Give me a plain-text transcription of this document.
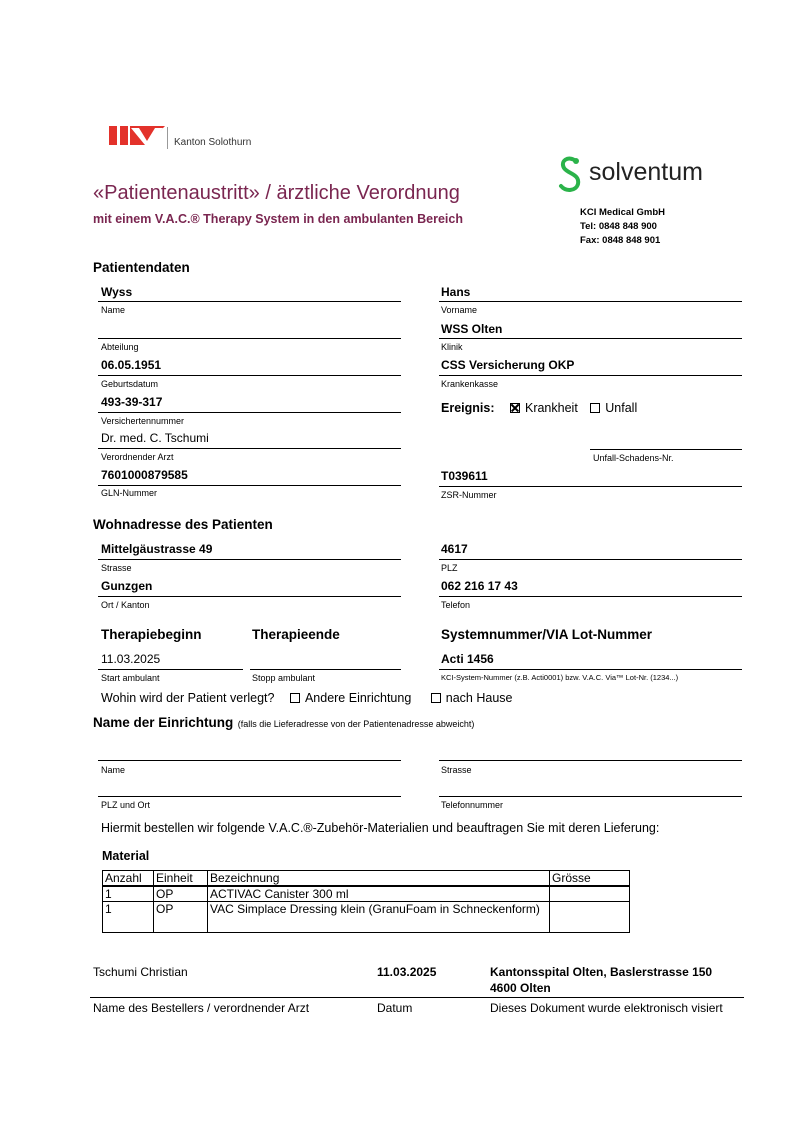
Kanton Solothurn
solventum
KCI Medical GmbH
Tel: 0848 848 900
Fax: 0848 848 901
«Patientenaustritt» / ärztliche Verordnung
mit einem V.A.C.® Therapy System in den ambulanten Bereich
Patientendaten
Wyss
Name
Hans
Vorname
Abteilung
WSS Olten
Klinik
06.05.1951
Geburtsdatum
CSS Versicherung OKP
Krankenkasse
493-39-317
Versichertennummer
Ereignis: Krankheit Unfall
Dr. med. C. Tschumi
Verordnender Arzt	Unfall-Schadens-Nr.
7601000879585
GLN-Nummer
T039611
ZSR-Nummer
Wohnadresse des Patienten
Mittelgäustrasse 49
Strasse
4617
PLZ
Gunzgen
Ort / Kanton
062 216 17 43
Telefon
Therapiebeginn	Therapieende	Systemnummer/VIA Lot-Nummer
11.03.2025
Start ambulant	Stopp ambulant
Acti 1456
KCI-System-Nummer (z.B. Acti0001) bzw. V.A.C. Via™ Lot-Nr. (1234...)
Wohin wird der Patient verlegt? Andere Einrichtung	nach Hause
Name der Einrichtung (falls die Lieferadresse von der Patientenadresse abweicht)
Name	Strasse
PLZ und Ort	Telefonnummer
Hiermit bestellen wir folgende V.A.C.®-Zubehör-Materialien und beauftragen Sie mit deren Lieferung:
Material
Anzahl	Einheit	Bezeichnung	Grösse
1	OP	ACTIVAC Canister 300 ml	
1	OP	VAC Simplace Dressing klein (GranuFoam in Schneckenform)	
Tschumi Christian	11.03.2025	Kantonsspital Olten, Baslerstrasse 150
4600 Olten
Name des Bestellers / verordnender Arzt	Datum	Dieses Dokument wurde elektronisch visiert
